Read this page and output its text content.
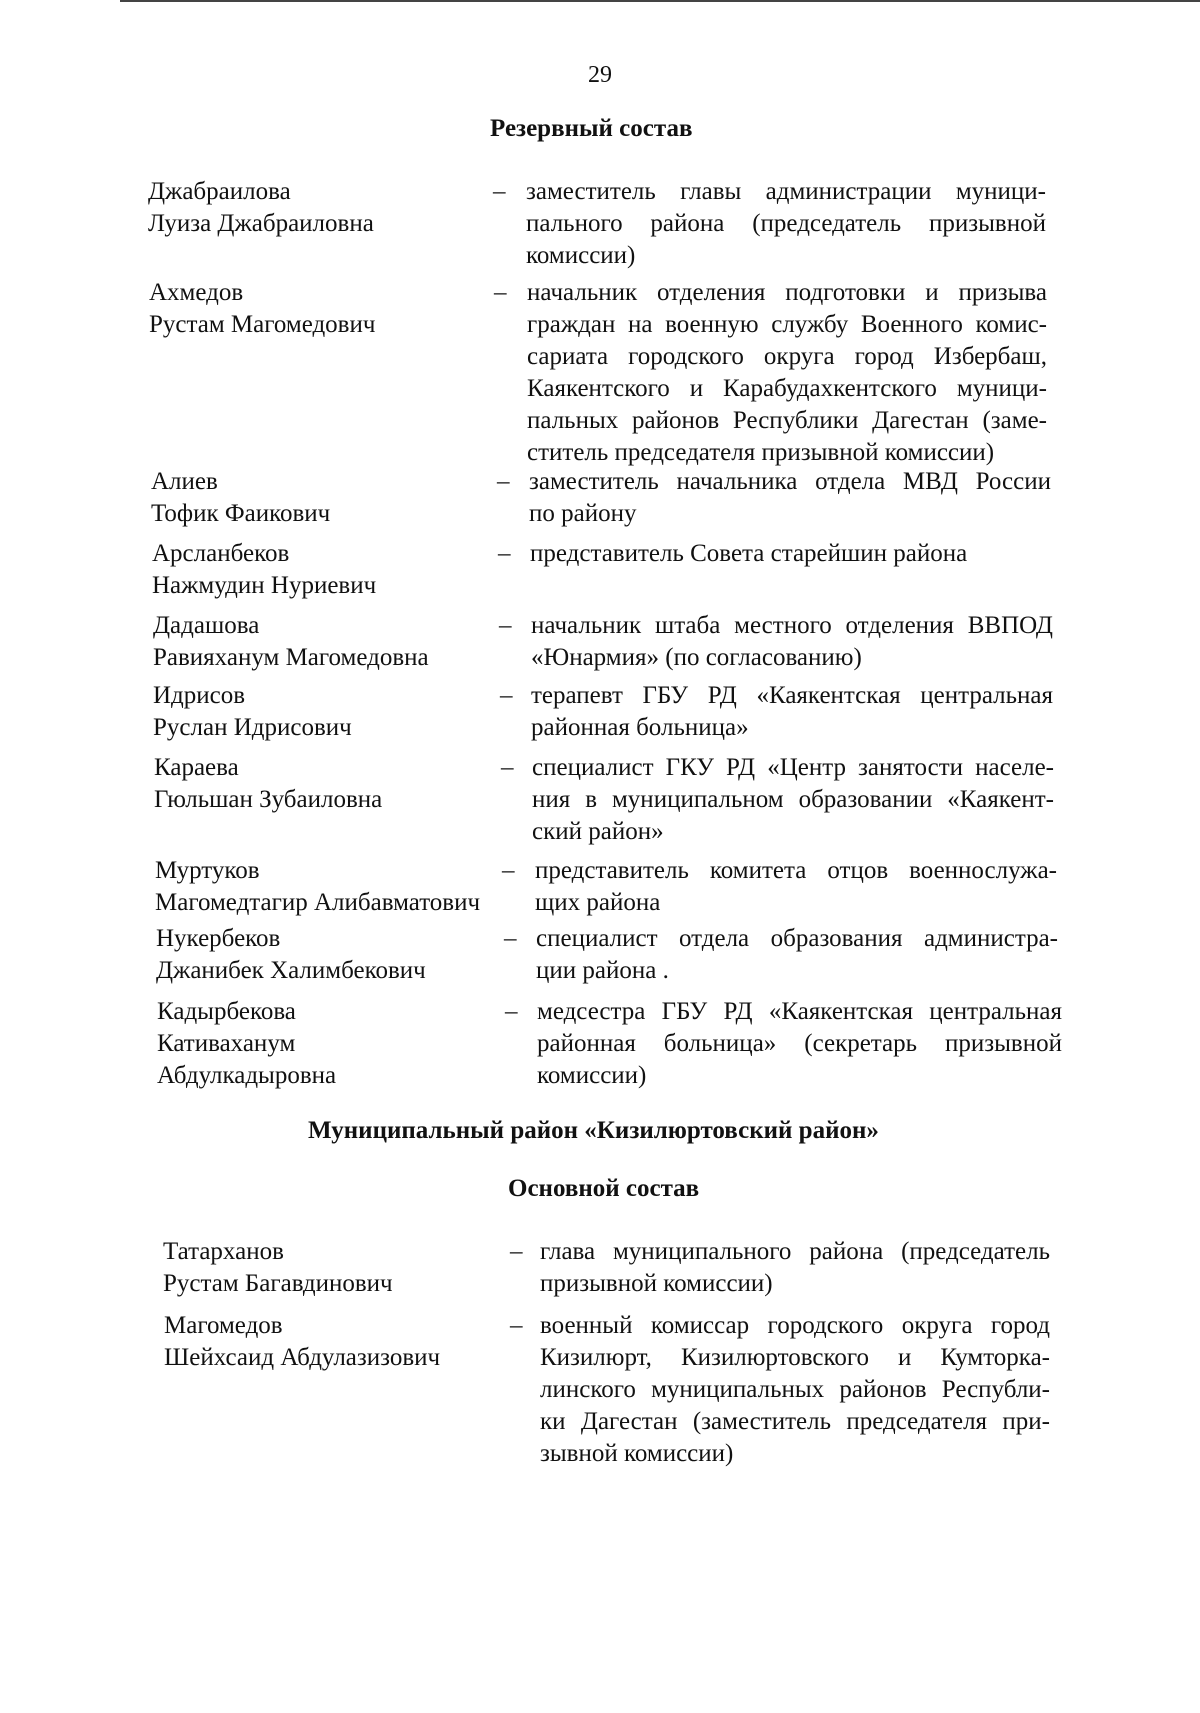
29
Резервный состав
Джабраилова
Луиза Джабраиловна
– заместитель главы администрации муници-
пального района (председатель призывной
комиссии)
Ахмедов
Рустам Магомедович
– начальник отделения подготовки и призыва
граждан на военную службу Военного комис-
сариата городского округа город Избербаш,
Каякентского и Карабудахкентского муници-
пальных районов Республики Дагестан (заме-
ститель председателя призывной комиссии)
Алиев
Тофик Фаикович
– заместитель начальника отдела МВД России
по району
Арсланбеков
Нажмудин Нуриевич
– представитель Совета старейшин района
Дадашова
Равияханум Магомедовна
– начальник штаба местного отделения ВВПОД
«Юнармия» (по согласованию)
Идрисов
Руслан Идрисович
– терапевт ГБУ РД «Каякентская центральная
районная больница»
Караева
Гюльшан Зубаиловна
– специалист ГКУ РД «Центр занятости населе-
ния в муниципальном образовании «Каякент-
ский район»
Муртуков
Магомедтагир Алибавматович
– представитель комитета отцов военнослужа-
щих района
Нукербеков
Джанибек Халимбекович
– специалист отдела образования администра-
ции района .
Кадырбекова
Кативаханум
Абдулкадыровна
– медсестра ГБУ РД «Каякентская центральная
районная больница» (секретарь призывной
комиссии)
Муниципальный район «Кизилюртовский район»
Основной состав
Татарханов
Рустам Багавдинович
– глава муниципального района (председатель
призывной комиссии)
Магомедов
Шейхсаид Абдулазизович
– военный комиссар городского округа город
Кизилюрт, Кизилюртовского и Кумторка-
линского муниципальных районов Республи-
ки Дагестан (заместитель председателя при-
зывной комиссии)
